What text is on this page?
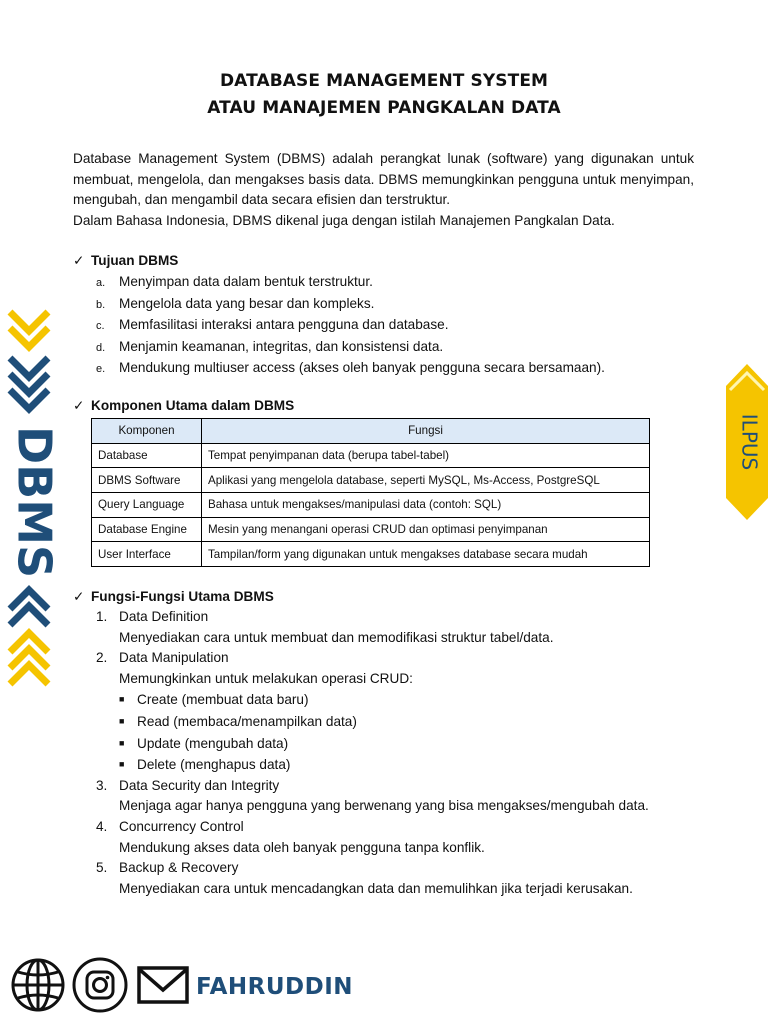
DATABASE MANAGEMENT SYSTEM
ATAU MANAJEMEN PANGKALAN DATA

Database Management System (DBMS) adalah perangkat lunak (software) yang digunakan untuk membuat, mengelola, dan mengakses basis data. DBMS memungkinkan pengguna untuk menyimpan, mengubah, dan mengambil data secara efisien dan terstruktur.

Dalam Bahasa Indonesia, DBMS dikenal juga dengan istilah Manajemen Pangkalan Data.

✓ Tujuan DBMS
a. Menyimpan data dalam bentuk terstruktur.
b. Mengelola data yang besar dan kompleks.
c. Memfasilitasi interaksi antara pengguna dan database.
d. Menjamin keamanan, integritas, dan konsistensi data.
e. Mendukung multiuser access (akses oleh banyak pengguna secara bersamaan).
✓ Komponen Utama dalam DBMS
Komponen	Fungsi
Database	Tempat penyimpanan data (berupa tabel-tabel)
DBMS Software	Aplikasi yang mengelola database, seperti MySQL, Ms-Access, PostgreSQL
Query Language	Bahasa untuk mengakses/manipulasi data (contoh: SQL)
Database Engine	Mesin yang menangani operasi CRUD dan optimasi penyimpanan
User Interface	Tampilan/form yang digunakan untuk mengakses database secara mudah
✓ Fungsi-Fungsi Utama DBMS
1. Data Definition
Menyediakan cara untuk membuat dan memodifikasi struktur tabel/data.
2. Data Manipulation
Memungkinkan untuk melakukan operasi CRUD:
■ Create (membuat data baru)
■ Read (membaca/menampilkan data)
■ Update (mengubah data)
■ Delete (menghapus data)
3. Data Security dan Integrity
Menjaga agar hanya pengguna yang berwenang yang bisa mengakses/mengubah data.
4. Concurrency Control
Mendukung akses data oleh banyak pengguna tanpa konflik.
5. Backup & Recovery
Menyediakan cara untuk mencadangkan data dan memulihkan jika terjadi kerusakan.
DBMS	ILPUS
FAHRUDDIN
